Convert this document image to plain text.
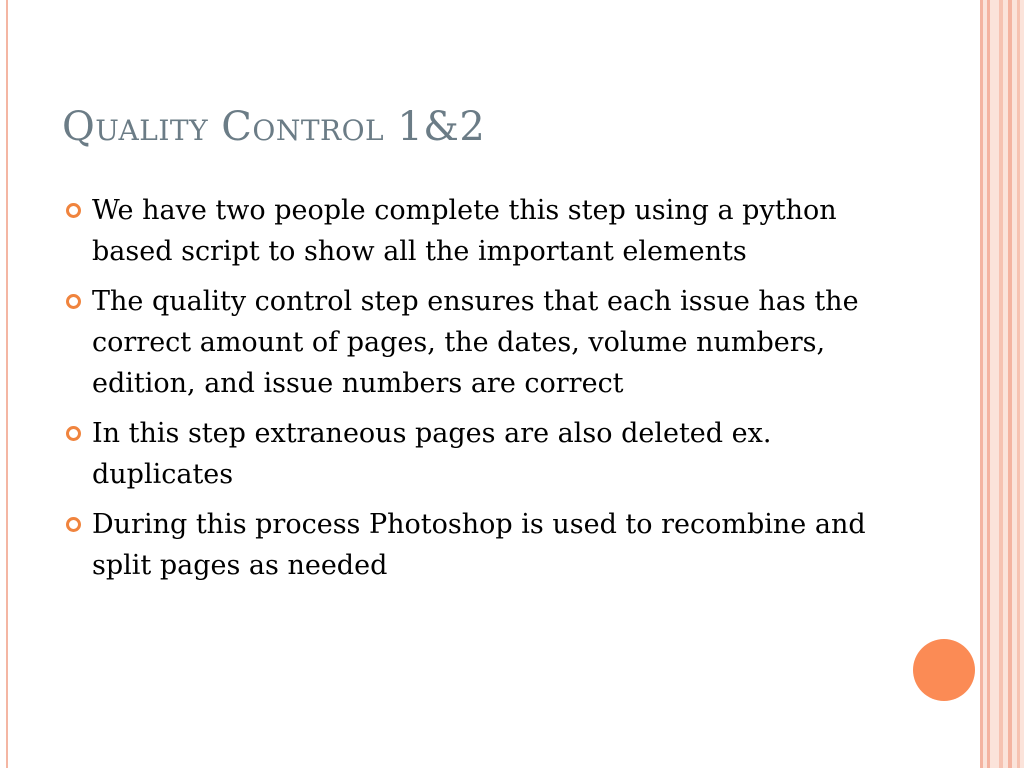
Quality Control 1&2
We have two people complete this step using a python based script to show all the important elements
The quality control step ensures that each issue has the correct amount of pages, the dates, volume numbers, edition, and issue numbers are correct
In this step extraneous pages are also deleted ex. duplicates
During this process Photoshop is used to recombine and split pages as needed
